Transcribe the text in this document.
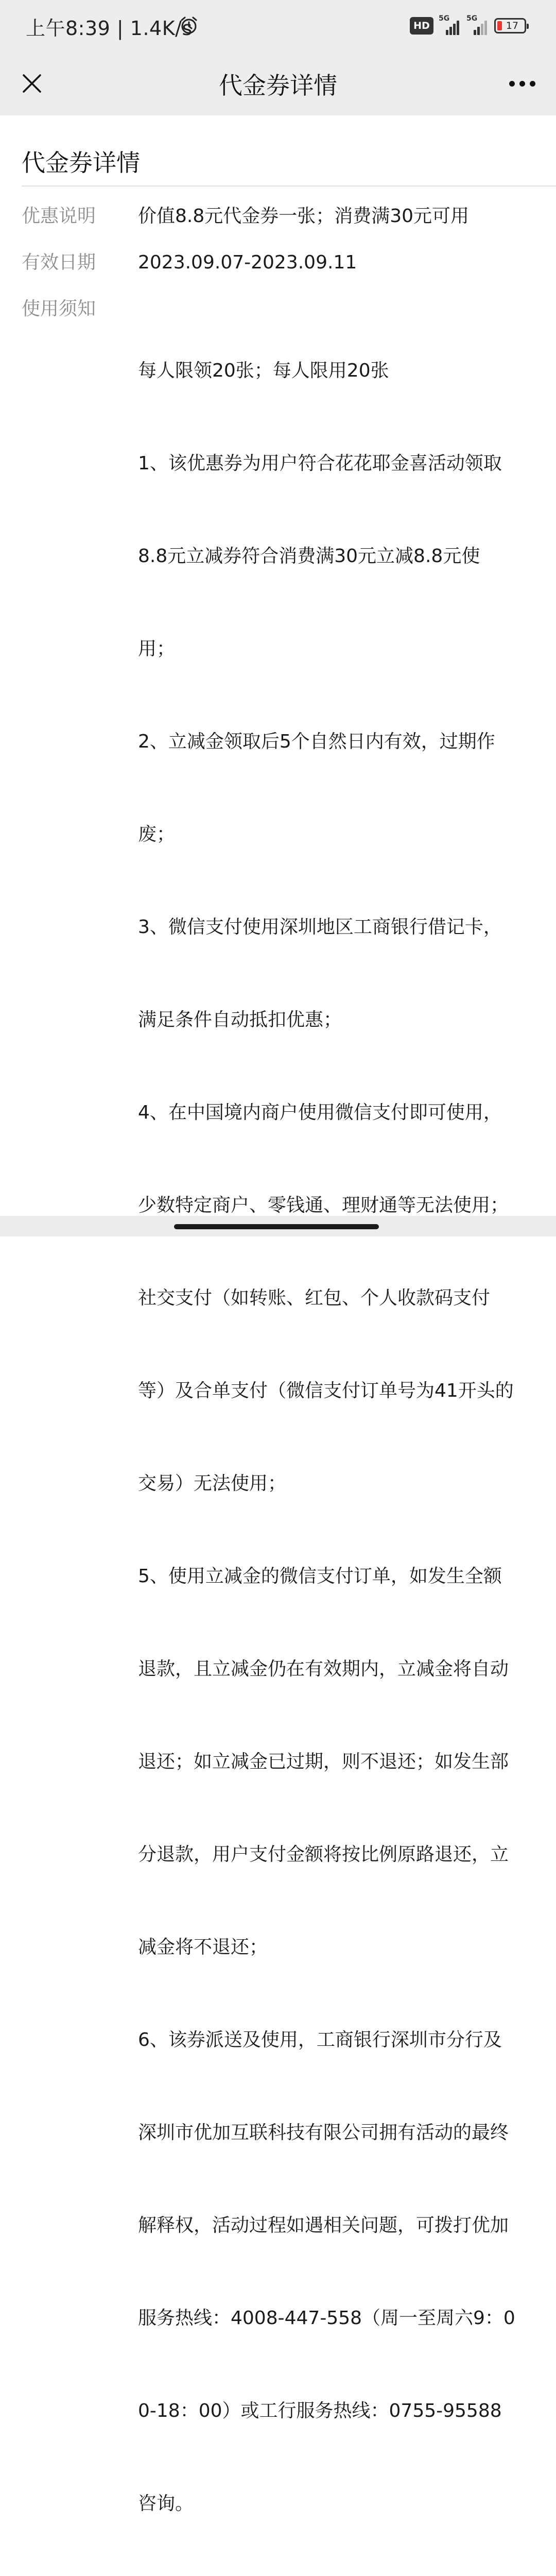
上午8:39 | 1.4K/s	HD
5G 5G
17
代金券详情
代金券详情
优惠说明	价值8.8元代金券一张；消费满30元可用
有效日期	2023.09.07-2023.09.11
使用须知

每人限领20张；每人限用20张

1、该优惠券为用户符合花花耶金喜活动领取

8.8元立减券符合消费满30元立减8.8元使

用；

2、立减金领取后5个自然日内有效，过期作

废；

3、微信支付使用深圳地区工商银行借记卡，

满足条件自动抵扣优惠；

4、在中国境内商户使用微信支付即可使用，

少数特定商户、零钱通、理财通等无法使用；

社交支付（如转账、红包、个人收款码支付

等）及合单支付（微信支付订单号为41开头的

交易）无法使用；

5、使用立减金的微信支付订单，如发生全额

退款，且立减金仍在有效期内，立减金将自动

退还；如立减金已过期，则不退还；如发生部

分退款，用户支付金额将按比例原路退还，立

减金将不退还；

6、该券派送及使用，工商银行深圳市分行及

深圳市优加互联科技有限公司拥有活动的最终

解释权，活动过程如遇相关问题，可拨打优加

服务热线：4008-447-558（周一至周六9：0

0-18：00）或工行服务热线：0755-95588

咨询。
